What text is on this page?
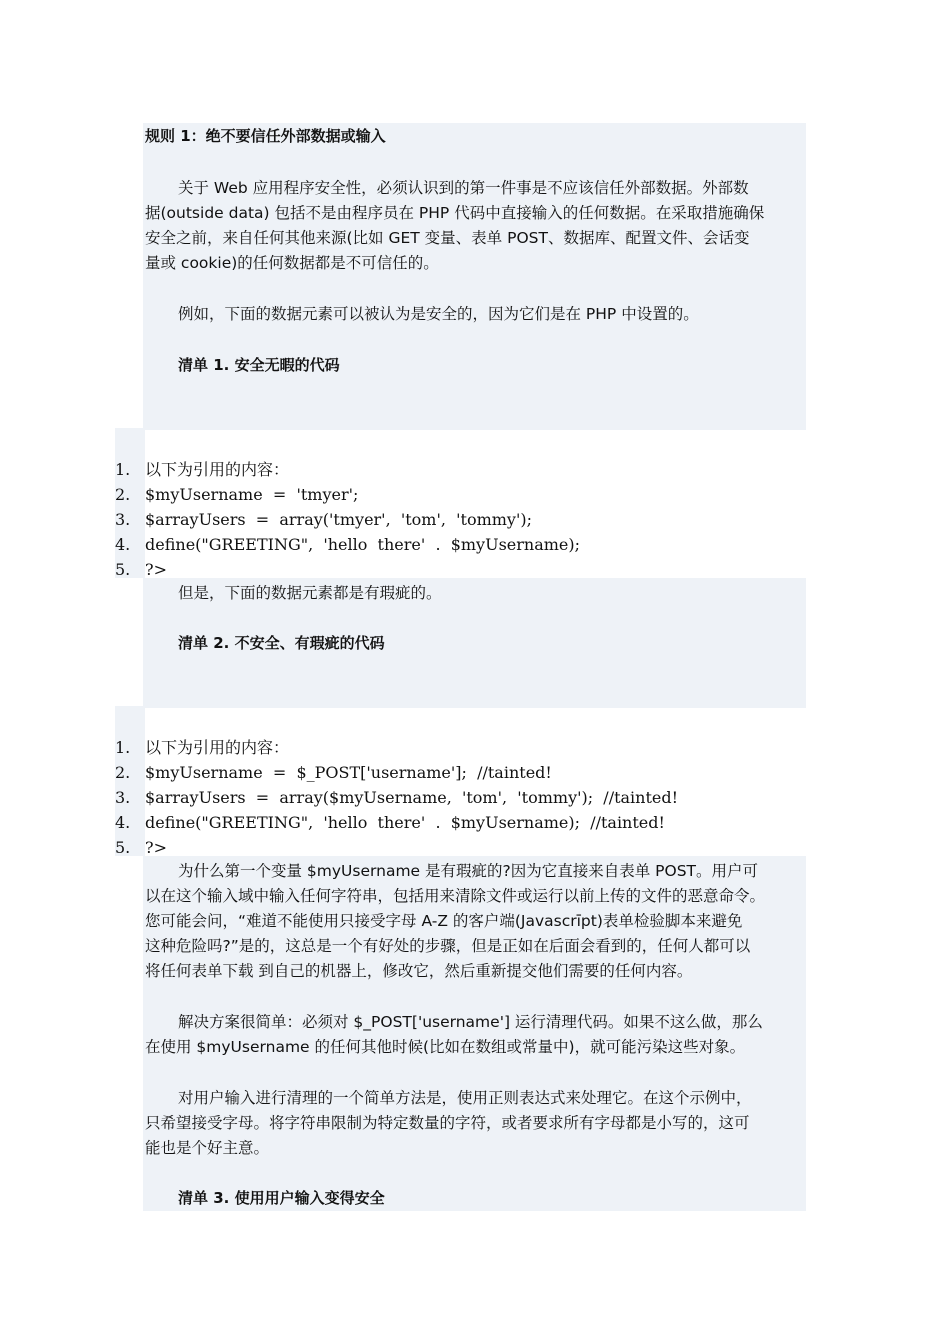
规则 1：绝不要信任外部数据或输入
关于 Web 应用程序安全性，必须认识到的第一件事是不应该信任外部数据。外部数
据(outside data) 包括不是由程序员在 PHP 代码中直接输入的任何数据。在采取措施确保
安全之前，来自任何其他来源(比如 GET 变量、表单 POST、数据库、配置文件、会话变
量或 cookie)的任何数据都是不可信任的。
例如，下面的数据元素可以被认为是安全的，因为它们是在 PHP 中设置的。
清单 1. 安全无暇的代码
1. 以下为引用的内容：
2. $myUsername  =  'tmyer';
3. $arrayUsers  =  array('tmyer',  'tom',  'tommy');
4. define("GREETING",  'hello  there'  .  $myUsername);
5. ?>
但是，下面的数据元素都是有瑕疵的。
清单 2. 不安全、有瑕疵的代码
1. 以下为引用的内容：
2. $myUsername  =  $_POST['username'];  //tainted!
3. $arrayUsers  =  array($myUsername,  'tom',  'tommy');  //tainted!
4. define("GREETING",  'hello  there'  .  $myUsername);  //tainted!
5. ?>
为什么第一个变量 $myUsername 是有瑕疵的?因为它直接来自表单 POST。用户可
以在这个输入域中输入任何字符串，包括用来清除文件或运行以前上传的文件的恶意命令。
您可能会问，“难道不能使用只接受字母 A-Z 的客户端(Javascrīpt)表单检验脚本来避免
这种危险吗?”是的，这总是一个有好处的步骤，但是正如在后面会看到的，任何人都可以
将任何表单下载 到自己的机器上，修改它，然后重新提交他们需要的任何内容。
解决方案很简单：必须对 $_POST['username'] 运行清理代码。如果不这么做，那么
在使用 $myUsername 的任何其他时候(比如在数组或常量中)，就可能污染这些对象。
对用户输入进行清理的一个简单方法是，使用正则表达式来处理它。在这个示例中，
只希望接受字母。将字符串限制为特定数量的字符，或者要求所有字母都是小写的，这可
能也是个好主意。
清单 3. 使用用户输入变得安全
